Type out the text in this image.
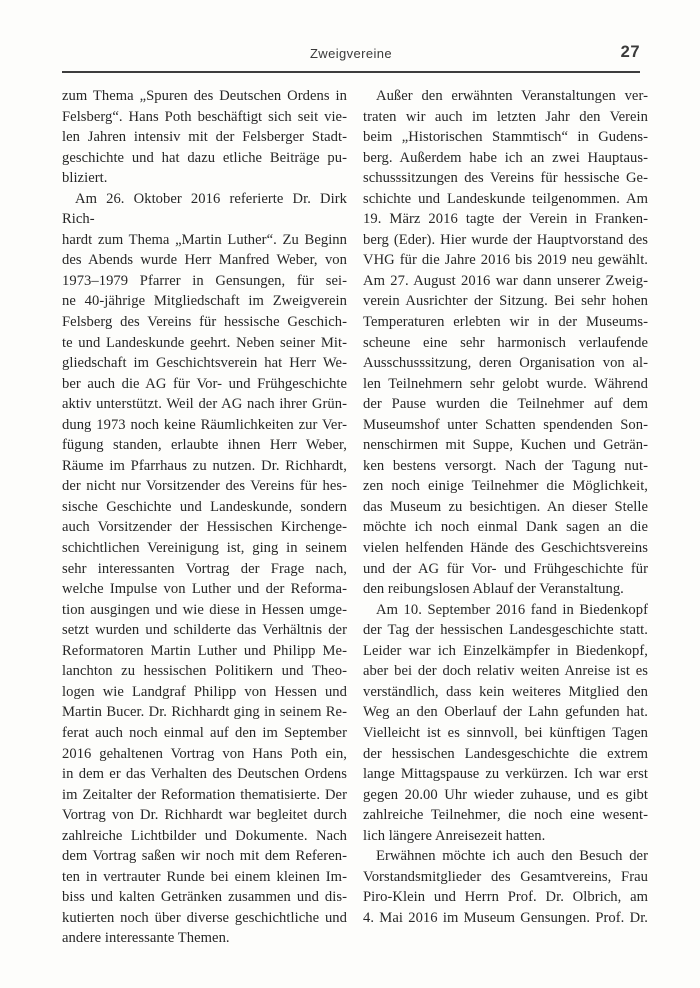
Zweigvereine	27
zum Thema „Spuren des Deutschen Ordens in
Felsberg“. Hans Poth beschäftigt sich seit vie-
len Jahren intensiv mit der Felsberger Stadt-
geschichte und hat dazu etliche Beiträge pu-
bliziert.
Am 26. Oktober 2016 referierte Dr. Dirk Rich-
hardt zum Thema „Martin Luther“. Zu Beginn
des Abends wurde Herr Manfred Weber, von
1973–1979 Pfarrer in Gensungen, für sei-
ne 40-jährige Mitgliedschaft im Zweigverein
Felsberg des Vereins für hessische Geschich-
te und Landeskunde geehrt. Neben seiner Mit-
gliedschaft im Geschichtsverein hat Herr We-
ber auch die AG für Vor- und Frühgeschichte
aktiv unterstützt. Weil der AG nach ihrer Grün-
dung 1973 noch keine Räumlichkeiten zur Ver-
fügung standen, erlaubte ihnen Herr Weber,
Räume im Pfarrhaus zu nutzen. Dr. Richhardt,
der nicht nur Vorsitzender des Vereins für hes-
sische Geschichte und Landeskunde, sondern
auch Vorsitzender der Hessischen Kirchenge-
schichtlichen Vereinigung ist, ging in seinem
sehr interessanten Vortrag der Frage nach,
welche Impulse von Luther und der Reforma-
tion ausgingen und wie diese in Hessen umge-
setzt wurden und schilderte das Verhältnis der
Reformatoren Martin Luther und Philipp Me-
lanchton zu hessischen Politikern und Theo-
logen wie Landgraf Philipp von Hessen und
Martin Bucer. Dr. Richhardt ging in seinem Re-
ferat auch noch einmal auf den im September
2016 gehaltenen Vortrag von Hans Poth ein,
in dem er das Verhalten des Deutschen Ordens
im Zeitalter der Reformation thematisierte. Der
Vortrag von Dr. Richhardt war begleitet durch
zahlreiche Lichtbilder und Dokumente. Nach
dem Vortrag saßen wir noch mit dem Referen-
ten in vertrauter Runde bei einem kleinen Im-
biss und kalten Getränken zusammen und dis-
kutierten noch über diverse geschichtliche und
andere interessante Themen.
Außer den erwähnten Veranstaltungen ver-
traten wir auch im letzten Jahr den Verein
beim „Historischen Stammtisch“ in Gudens-
berg. Außerdem habe ich an zwei Hauptaus-
schusssitzungen des Vereins für hessische Ge-
schichte und Landeskunde teilgenommen. Am
19. März 2016 tagte der Verein in Franken-
berg (Eder). Hier wurde der Hauptvorstand des
VHG für die Jahre 2016 bis 2019 neu gewählt.
Am 27. August 2016 war dann unserer Zweig-
verein Ausrichter der Sitzung. Bei sehr hohen
Temperaturen erlebten wir in der Museums-
scheune eine sehr harmonisch verlaufende
Ausschusssitzung, deren Organisation von al-
len Teilnehmern sehr gelobt wurde. Während
der Pause wurden die Teilnehmer auf dem
Museumshof unter Schatten spendenden Son-
nenschirmen mit Suppe, Kuchen und Geträn-
ken bestens versorgt. Nach der Tagung nut-
zen noch einige Teilnehmer die Möglichkeit,
das Museum zu besichtigen. An dieser Stelle
möchte ich noch einmal Dank sagen an die
vielen helfenden Hände des Geschichtsvereins
und der AG für Vor- und Frühgeschichte für
den reibungslosen Ablauf der Veranstaltung.
Am 10. September 2016 fand in Biedenkopf
der Tag der hessischen Landesgeschichte statt.
Leider war ich Einzelkämpfer in Biedenkopf,
aber bei der doch relativ weiten Anreise ist es
verständlich, dass kein weiteres Mitglied den
Weg an den Oberlauf der Lahn gefunden hat.
Vielleicht ist es sinnvoll, bei künftigen Tagen
der hessischen Landesgeschichte die extrem
lange Mittagspause zu verkürzen. Ich war erst
gegen 20.00 Uhr wieder zuhause, und es gibt
zahlreiche Teilnehmer, die noch eine wesent-
lich längere Anreisezeit hatten.
Erwähnen möchte ich auch den Besuch der
Vorstandsmitglieder des Gesamtvereins, Frau
Piro-Klein und Herrn Prof. Dr. Olbrich, am
4. Mai 2016 im Museum Gensungen. Prof. Dr.
